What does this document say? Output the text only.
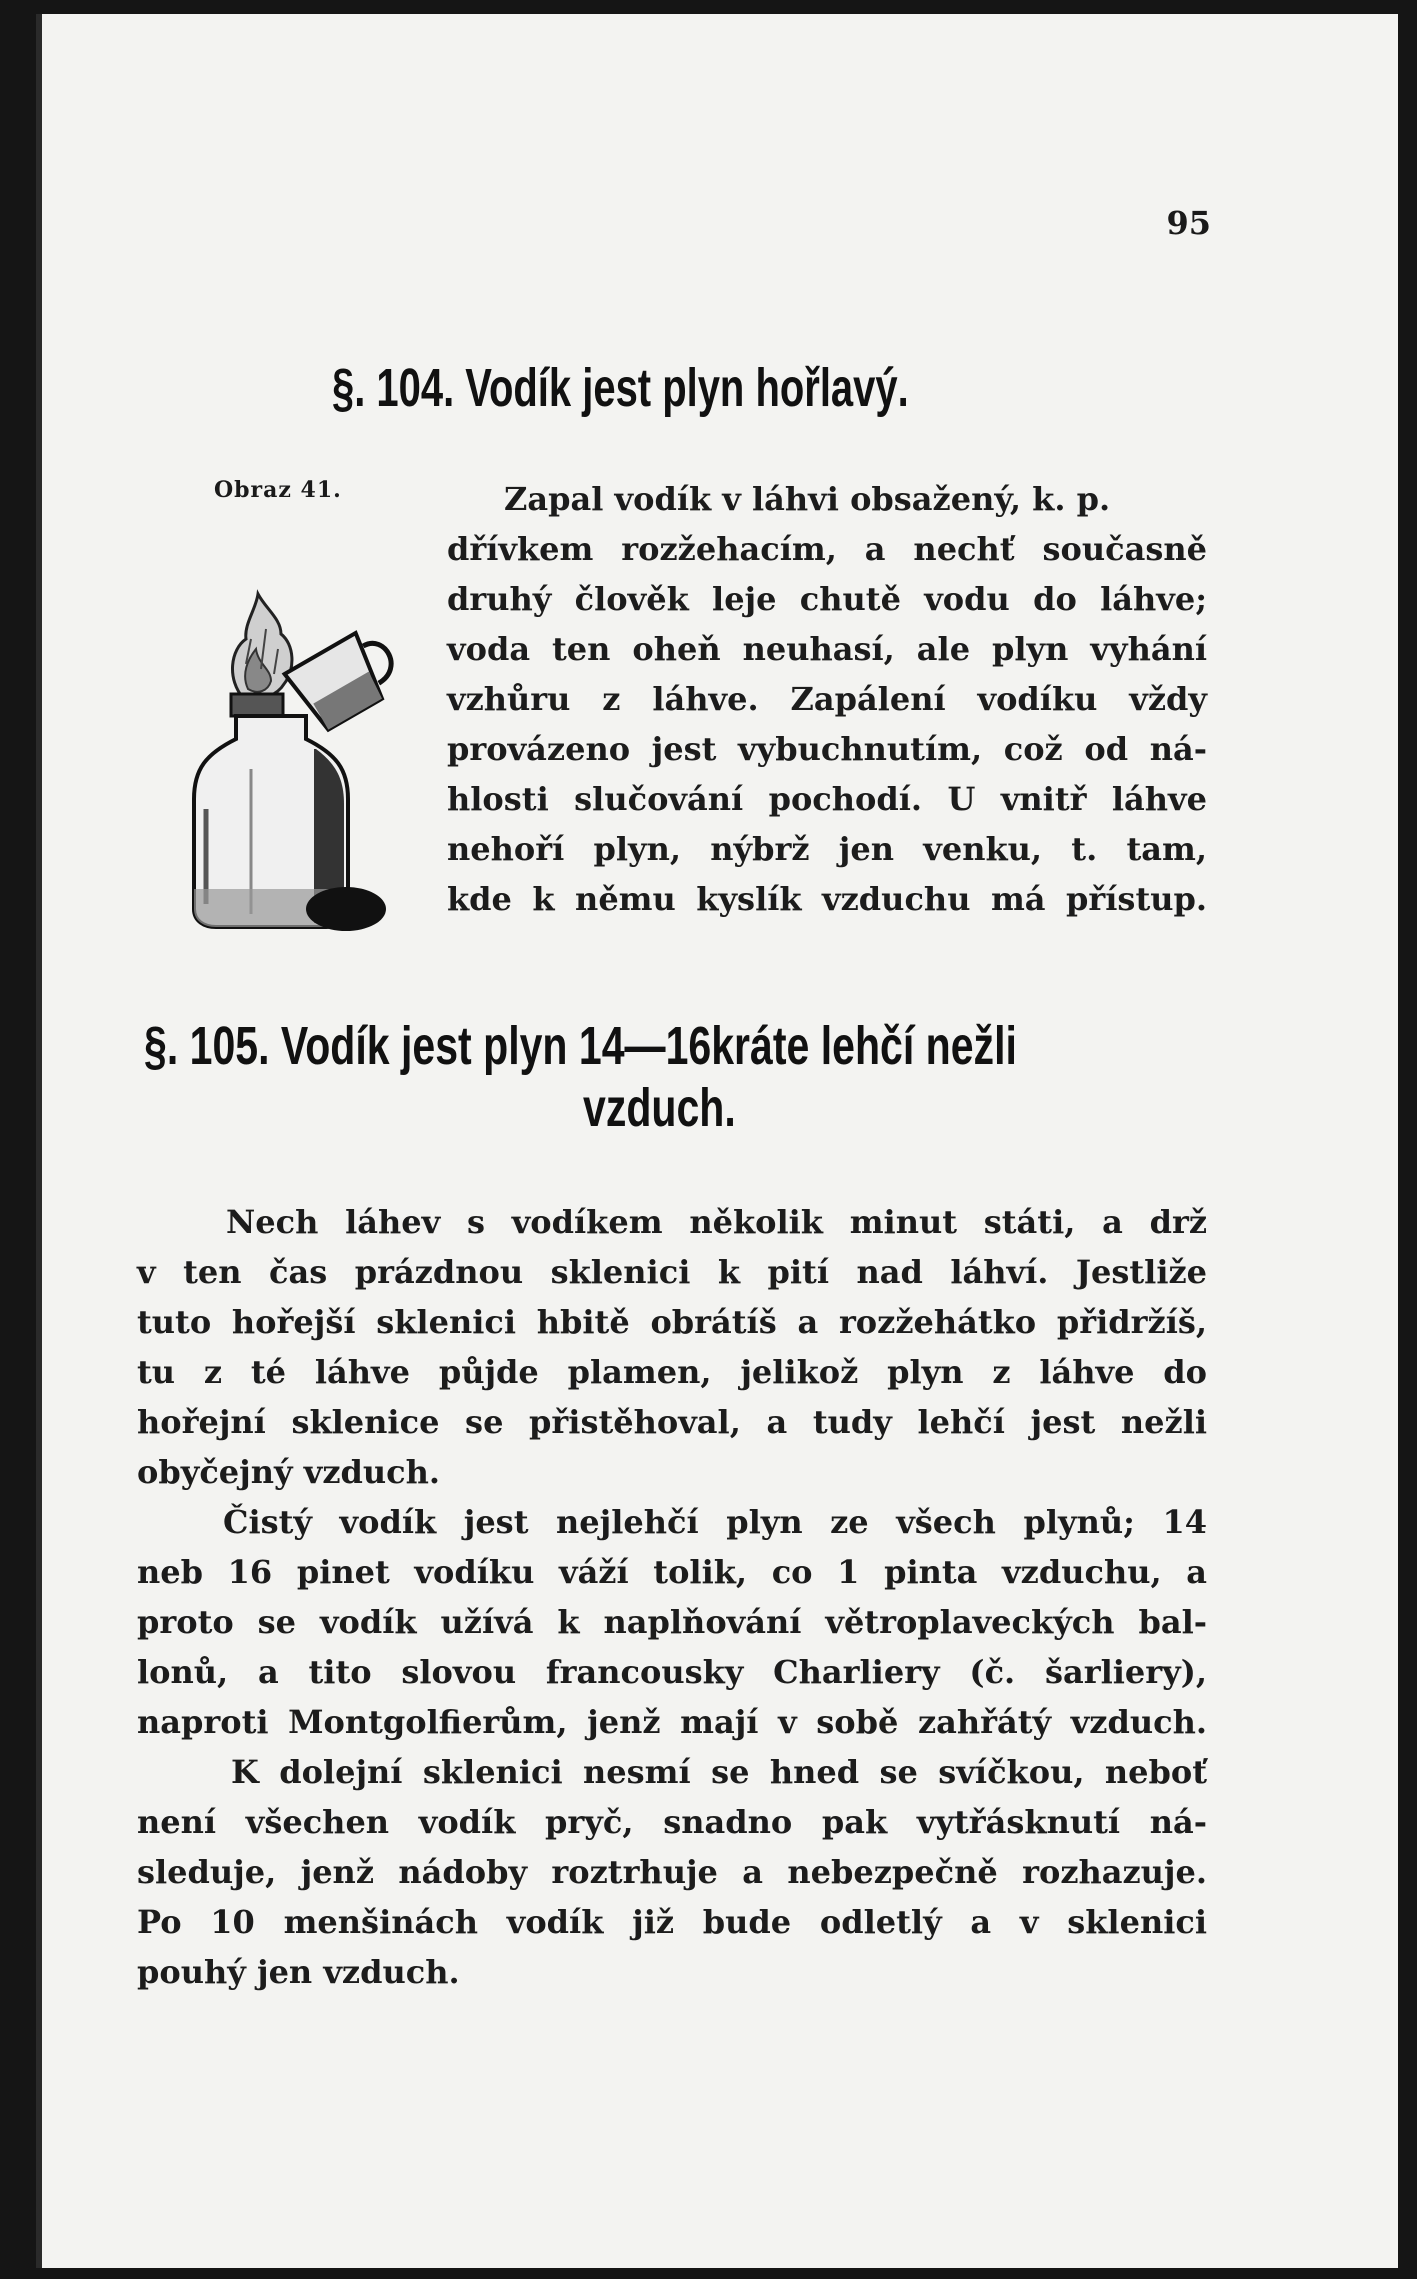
95
§. 104. Vodík jest plyn hořlavý.
Obraz 41.	Zapal vodík v láhvi obsažený, k. p.
dřívkem rozžehacím, a nechť současně
druhý člověk leje chutě vodu do láhve;
voda ten oheň neuhasí, ale plyn vyhání
vzhůru z láhve. Zapálení vodíku vždy
provázeno jest vybuchnutím, což od ná-
hlosti slučování pochodí. U vnitř láhve
nehoří plyn, nýbrž jen venku, t. tam,
kde k němu kyslík vzduchu má přístup.
§. 105. Vodík jest plyn 14—16kráte lehčí nežli
vzduch.
Nech láhev s vodíkem několik minut státi, a drž
v ten čas prázdnou sklenici k pití nad láhví. Jestliže
tuto hořejší sklenici hbitě obrátíš a rozžehátko přidržíš,
tu z té láhve půjde plamen, jelikož plyn z láhve do
hořejní sklenice se přistěhoval, a tudy lehčí jest nežli
obyčejný vzduch.
Čistý vodík jest nejlehčí plyn ze všech plynů; 14
neb 16 pinet vodíku váží tolik, co 1 pinta vzduchu, a
proto se vodík užívá k naplňování větroplaveckých bal-
lonů, a tito slovou francousky Charliery (č. šarliery),
naproti Montgolfierům, jenž mají v sobě zahřátý vzduch.
K dolejní sklenici nesmí se hned se svíčkou, neboť
není všechen vodík pryč, snadno pak vytřásknutí ná-
sleduje, jenž nádoby roztrhuje a nebezpečně rozhazuje.
Po 10 menšinách vodík již bude odletlý a v sklenici
pouhý jen vzduch.
